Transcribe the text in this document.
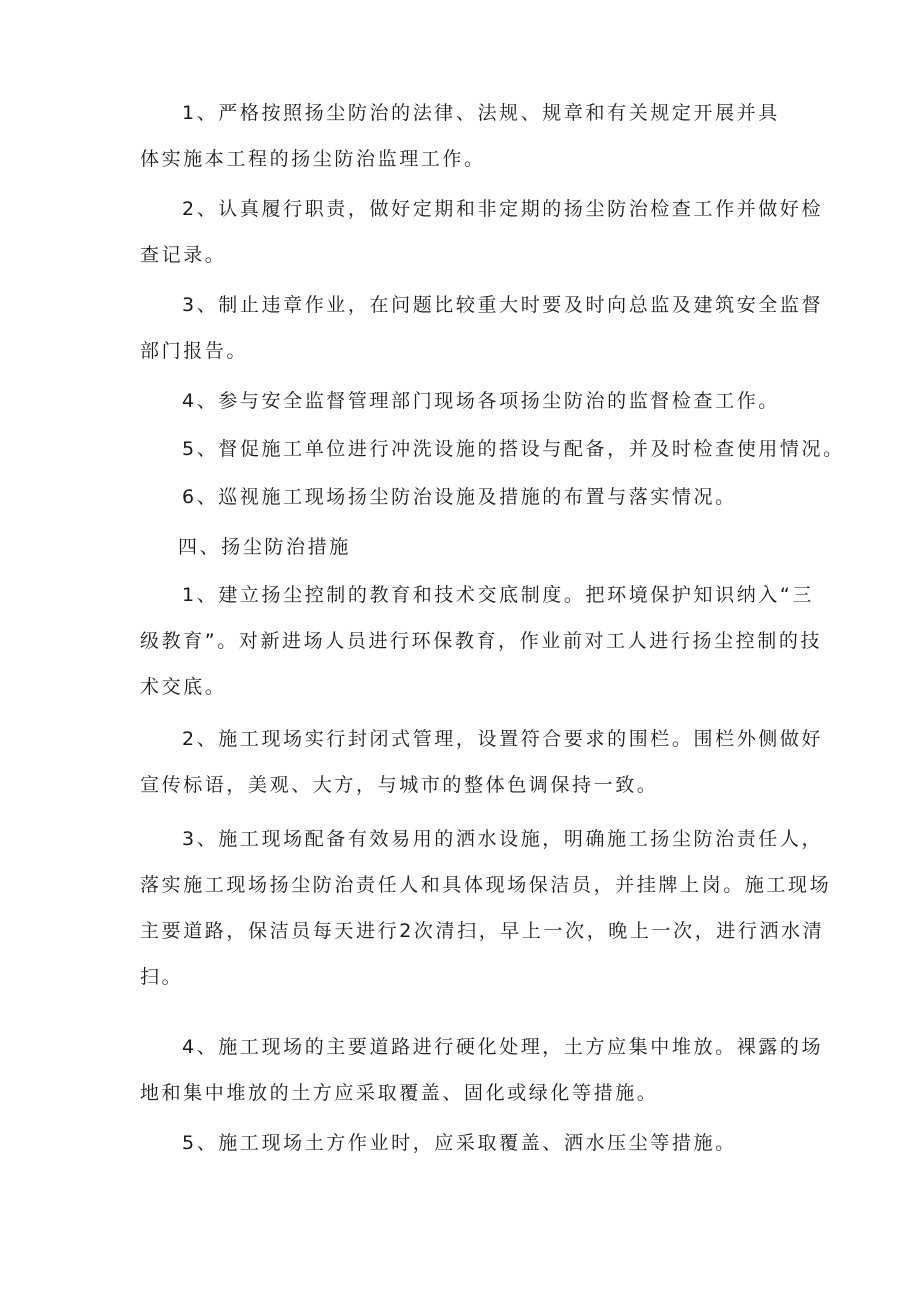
1、严格按照扬尘防治的法律、法规、规章和有关规定开展并具
体实施本工程的扬尘防治监理工作。
2、认真履行职责，做好定期和非定期的扬尘防治检查工作并做好检
查记录。
3、制止违章作业，在问题比较重大时要及时向总监及建筑安全监督
部门报告。
4、参与安全监督管理部门现场各项扬尘防治的监督检查工作。
5、督促施工单位进行冲洗设施的搭设与配备，并及时检查使用情况。
6、巡视施工现场扬尘防治设施及措施的布置与落实情况。
四、扬尘防治措施
1、建立扬尘控制的教育和技术交底制度。把环境保护知识纳入“三
级教育”。对新进场人员进行环保教育，作业前对工人进行扬尘控制的技
术交底。
2、施工现场实行封闭式管理，设置符合要求的围栏。围栏外侧做好
宣传标语，美观、大方，与城市的整体色调保持一致。
3、施工现场配备有效易用的洒水设施，明确施工扬尘防治责任人，
落实施工现场扬尘防治责任人和具体现场保洁员，并挂牌上岗。施工现场
主要道路，保洁员每天进行2次清扫，早上一次，晚上一次，进行洒水清
扫。
4、施工现场的主要道路进行硬化处理，土方应集中堆放。裸露的场
地和集中堆放的土方应采取覆盖、固化或绿化等措施。
5、施工现场土方作业时，应采取覆盖、洒水压尘等措施。
